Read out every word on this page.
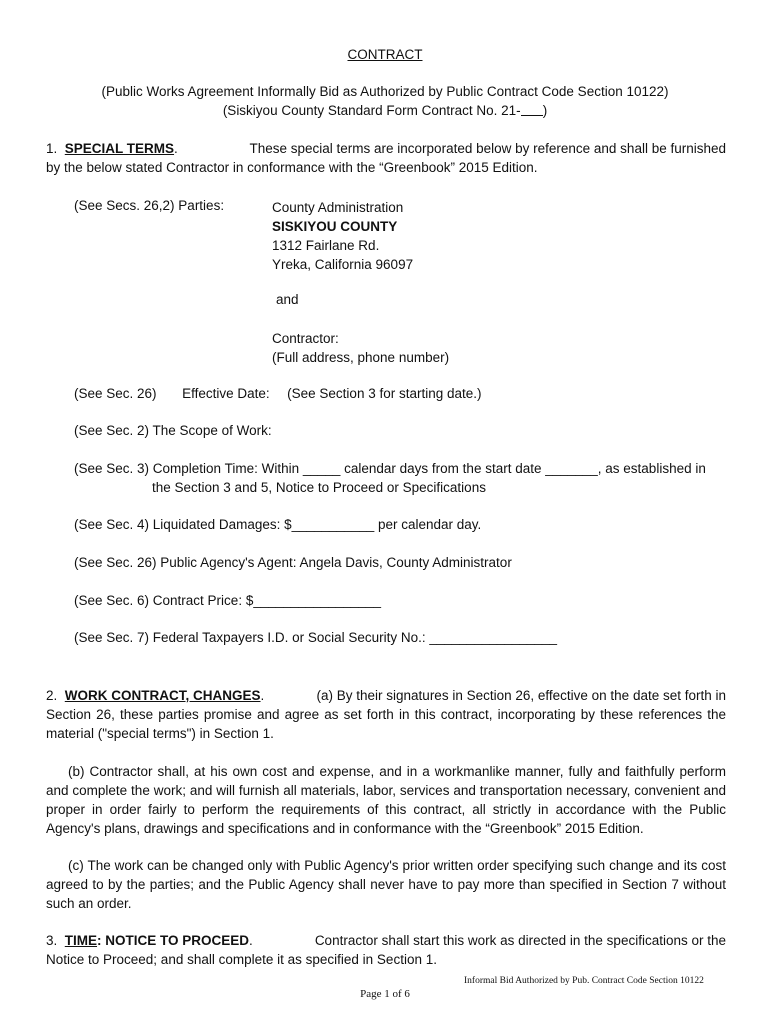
CONTRACT
(Public Works Agreement Informally Bid as Authorized by Public Contract Code Section 10122)
(Siskiyou County Standard Form Contract No. 21- )
1. SPECIAL TERMS.	These special terms are incorporated below by reference and shall be furnished
by the below stated Contractor in conformance with the “Greenbook” 2015 Edition.
(See Secs. 26,2) Parties:	County Administration
SISKIYOU COUNTY
1312 Fairlane Rd.
Yreka, California 96097
and
Contractor:
(Full address, phone number)
(See Sec. 26) Effective Date: (See Section 3 for starting date.)
(See Sec. 2) The Scope of Work:
(See Sec. 3) Completion Time: Within _____ calendar days from the start date _______, as established in
the Section 3 and 5, Notice to Proceed or Specifications
(See Sec. 4) Liquidated Damages: $___________ per calendar day.
(See Sec. 26) Public Agency's Agent: Angela Davis, County Administrator
(See Sec. 6) Contract Price: $_________________
(See Sec. 7) Federal Taxpayers I.D. or Social Security No.: _________________
2. WORK CONTRACT, CHANGES.	(a) By their signatures in Section 26, effective on the date set forth in

Section 26, these parties promise and agree as set forth in this contract, incorporating by these references the material ("special terms") in Section 1.

(b) Contractor shall, at his own cost and expense, and in a workmanlike manner, fully and faithfully perform and complete the work; and will furnish all materials, labor, services and transportation necessary, convenient and proper in order fairly to perform the requirements of this contract, all strictly in accordance with the Public Agency's plans, drawings and specifications and in conformance with the “Greenbook” 2015 Edition.
(c) The work can be changed only with Public Agency's prior written order specifying such change and its cost agreed to by the parties; and the Public Agency shall never have to pay more than specified in Section 7 without such an order.
3. TIME: NOTICE TO PROCEED.	Contractor shall start this work as directed in the specifications or the
Notice to Proceed; and shall complete it as specified in Section 1.
Informal Bid Authorized by Pub. Contract Code Section 10122
Page 1 of 6
